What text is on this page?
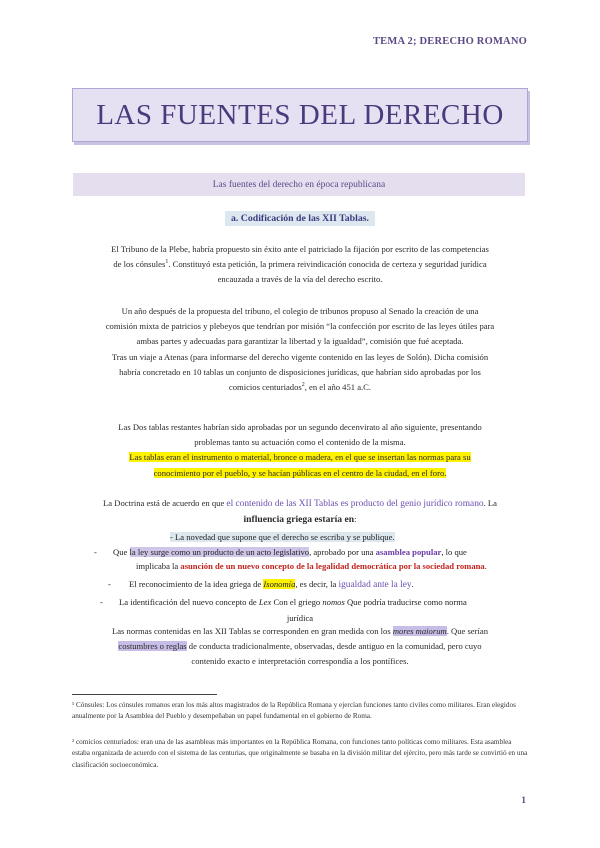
TEMA 2; DERECHO ROMANO
LAS FUENTES DEL DERECHO
Las fuentes del derecho en época republicana
a. Codificación de las XII Tablas.
El Tribuno de la Plebe, habría propuesto sin éxito ante el patriciado la fijación por escrito de las competencias
de los cónsules$^1$. Constituyó esta petición, la primera reivindicación conocida de certeza y seguridad jurídica
encauzada a través de la vía del derecho escrito.
Un año después de la propuesta del tribuno, el colegio de tribunos propuso al Senado la creación de una
comisión mixta de patricios y plebeyos que tendrían por misión “la confección por escrito de las leyes útiles para
ambas partes y adecuadas para garantizar la libertad y la igualdad”, comisión que fué aceptada.
Tras un viaje a Atenas (para informarse del derecho vigente contenido en las leyes de Solón). Dicha comisión
habría concretado en 10 tablas un conjunto de disposiciones jurídicas, que habrían sido aprobadas por los
comicios centuriados$^2$, en el año 451 a.C.
Las Dos tablas restantes habrían sido aprobadas por un segundo decenvirato al año siguiente, presentando
problemas tanto su actuación como el contenido de la misma.
Las tablas eran el instrumento o material, bronce o madera, en el que se insertan las normas para su
conocimiento por el pueblo, y se hacían públicas en el centro de la ciudad, en el foro.
La Doctrina está de acuerdo en que el contenido de las XII Tablas es producto del genio jurídico romano. La
influencia griega estaría en:
- La novedad que supone que el derecho se escriba y se publique.
- Que la ley surge como un producto de un acto legislativo, aprobado por una asamblea popular, lo que
implicaba la asunción de un nuevo concepto de la legalidad democrática por la sociedad romana.
- El reconocimiento de la idea griega de Isonomía, es decir, la igualdad ante la ley.
- La identificación del nuevo concepto de Lex Con el griego nomos Que podría traducirse como norma
jurídica
Las normas contenidas en las XII Tablas se corresponden en gran medida con los mores maiorum. Que serían
costumbres o reglas de conducta tradicionalmente, observadas, desde antiguo en la comunidad, pero cuyo
contenido exacto e interpretación correspondía a los pontífices.
¹ Cónsules: Los cónsules romanos eran los más altos magistrados de la República Romana y ejercían funciones tanto civiles como militares. Eran elegidos anualmente por la Asamblea del Pueblo y desempeñaban un papel fundamental en el gobierno de Roma.
² comicios centuriados: eran una de las asambleas más importantes en la República Romana, con funciones tanto políticas como militares. Esta asamblea estaba organizada de acuerdo con el sistema de las centurias, que originalmente se basaba en la división militar del ejército, pero más tarde se convirtió en una clasificación socioeconómica.
1
